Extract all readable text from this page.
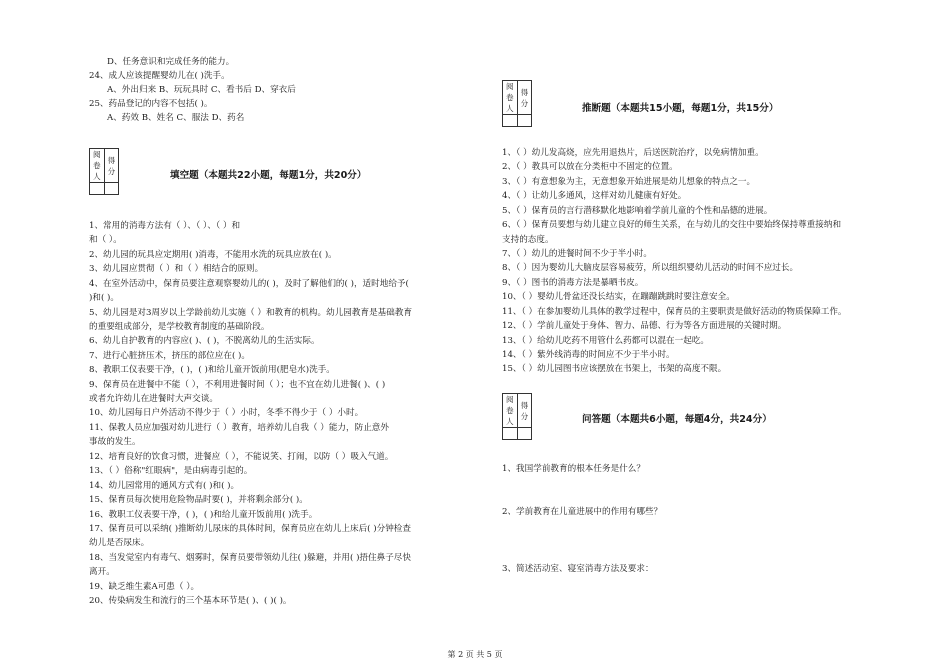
D、任务意识和完成任务的能力。
24、成人应该提醒婴幼儿在( )洗手。
A、外出归来 B、玩玩具时 C、看书后 D、穿衣后
25、药品登记的内容不包括( )。
A、药效 B、姓名 C、服法 D、药名
阅卷人	得分
		填空题（本题共22小题，每题1分，共20分）
1、常用的消毒方法有（ ）、（ ）、（ ）和
和（ ）。
2、幼儿园的玩具应定期用( )消毒，不能用水洗的玩具应放在( )。
3、幼儿园应贯彻（ ）和（ ）相结合的原则。
4、在室外活动中，保育员要注意观察婴幼儿的( )，及时了解他们的( )，适时地给予(
)和( )。
5、幼儿园是对3周岁以上学龄前幼儿实施（ ）和教育的机构。幼儿园教育是基础教育
的重要组成部分，是学校教育制度的基础阶段。
6、幼儿自护教育的内容应( )、( )，不脱离幼儿的生活实际。
7、进行心脏挤压术，挤压的部位应在( )。
8、教职工仪表要干净，( )，( )和给儿童开饭前用(肥皂水)洗手。
9、保育员在进餐中不能（ ），不利用进餐时间（ ）；也不宜在幼儿进餐( )、( )
或者允许幼儿在进餐时大声交谈。
10、幼儿园每日户外活动不得少于（ ）小时，冬季不得少于（ ）小时。
11、保教人员应加强对幼儿进行（ ）教育，培养幼儿自我（ ）能力，防止意外
事故的发生。
12、培育良好的饮食习惯，进餐应（ ），不能说笑、打闹，以防（ ）吸入气道。
13、（ ）俗称"红眼病"，是由病毒引起的。
14、幼儿园常用的通风方式有( )和( )。
15、保育员每次使用危险物品时要( )，并将剩余部分( )。
16、教职工仪表要干净，( )，( )和给儿童开饭前用( )洗手。
17、保育员可以采纳( )推断幼儿尿床的具体时间，保育员应在幼儿上床后( )分钟检查
幼儿是否尿床。
18、当发觉室内有毒气、烟雾时，保育员要带领幼儿往( )躲避，并用( )捂住鼻子尽快
离开。
19、缺乏维生素A可患（ ）。
20、传染病发生和流行的三个基本环节是( )、( )( )。
阅卷人	得分
		推断题（本题共15小题，每题1分，共15分）
1、（ ）幼儿发高烧，应先用退热片，后送医院治疗，以免病情加重。
2、（ ）教具可以放在分类柜中不固定的位置。
3、（ ）有意想象为主，无意想象开始进展是幼儿想象的特点之一。
4、（ ）让幼儿多通风，这样对幼儿健康有好处。
5、（ ）保育员的言行潜移默化地影响着学前儿童的个性和品德的进展。
6、（ ）保育员要想与幼儿建立良好的师生关系，在与幼儿的交往中要始终保持尊重接纳和
支持的态度。
7、（ ）幼儿的进餐时间不少于半小时。
8、（ ）因为婴幼儿大脑皮层容易疲劳，所以组织婴幼儿活动的时间不应过长。
9、（ ）图书的消毒方法是暴晒书皮。
10、（ ）婴幼儿骨盆还没长结实，在蹦蹦跳跳时要注意安全。
11、（ ）在参加婴幼儿具体的教学过程中，保育员的主要职责是做好活动的物质保障工作。
12、（ ）学前儿童处于身体、智力、品德、行为等各方面进展的关键时期。
13、（ ）给幼儿吃药不用管什么药都可以混在一起吃。
14、（ ）紫外线消毒的时间应不少于半小时。
15、（ ）幼儿园图书应该摆放在书架上，书架的高度不限。
阅卷人	得分
		问答题（本题共6小题，每题4分，共24分）
1、我国学前教育的根本任务是什么？
2、学前教育在儿童进展中的作用有哪些？
3、简述活动室、寝室消毒方法及要求：
第 2 页 共 5 页
